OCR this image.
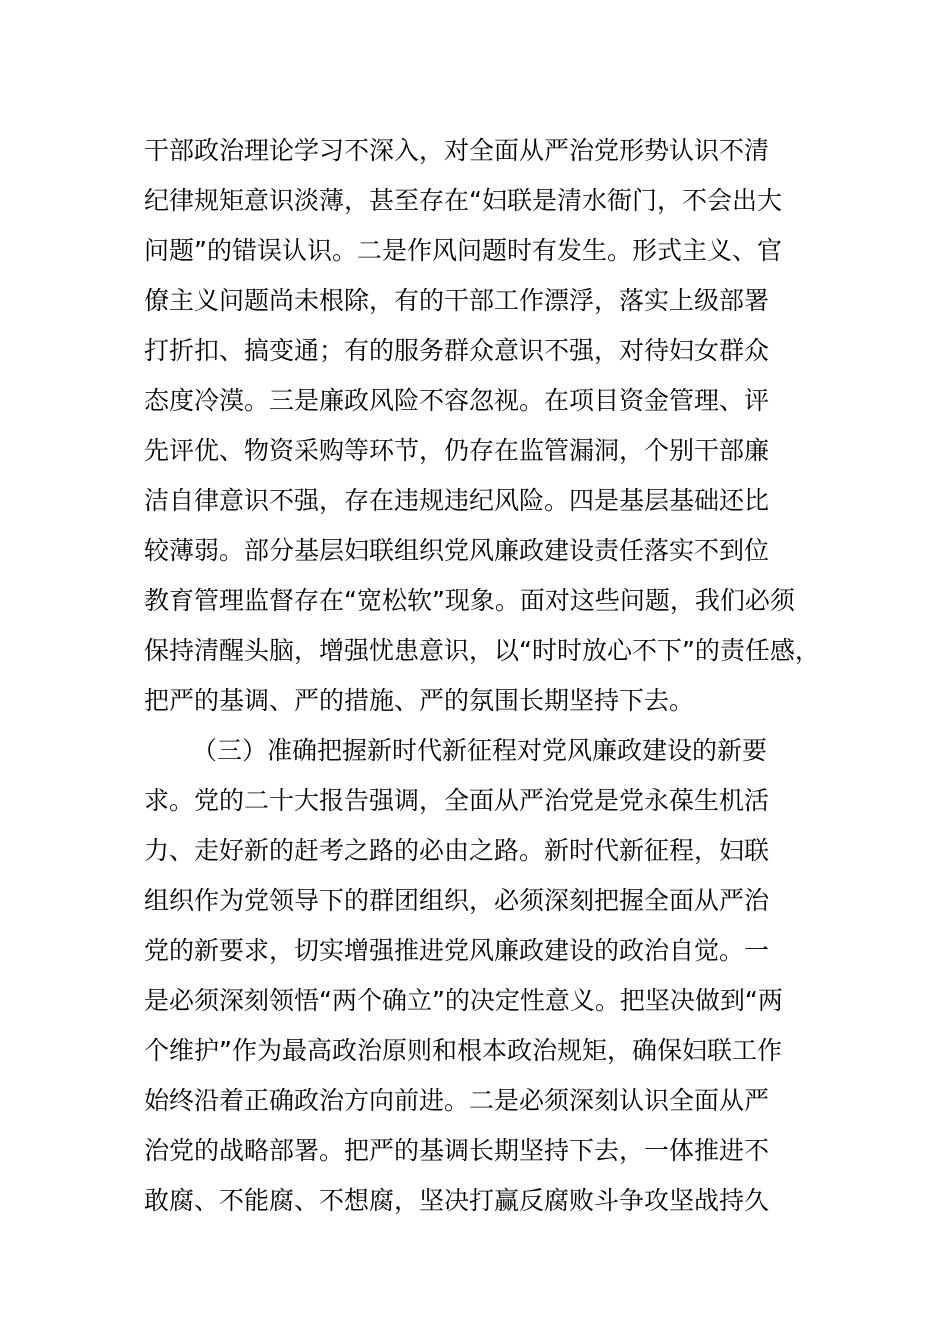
干部政治理论学习不深入，对全面从严治党形势认识不清
纪律规矩意识淡薄，甚至存在“妇联是清水衙门，不会出大
问题”的错误认识。二是作风问题时有发生。形式主义、官
僚主义问题尚未根除，有的干部工作漂浮，落实上级部署
打折扣、搞变通；有的服务群众意识不强，对待妇女群众
态度冷漠。三是廉政风险不容忽视。在项目资金管理、评
先评优、物资采购等环节，仍存在监管漏洞，个别干部廉
洁自律意识不强，存在违规违纪风险。四是基层基础还比
较薄弱。部分基层妇联组织党风廉政建设责任落实不到位
教育管理监督存在“宽松软”现象。面对这些问题，我们必须
保持清醒头脑，增强忧患意识，以“时时放心不下”的责任感，
把严的基调、严的措施、严的氛围长期坚持下去。
（三）准确把握新时代新征程对党风廉政建设的新要
求。党的二十大报告强调，全面从严治党是党永葆生机活
力、走好新的赶考之路的必由之路。新时代新征程，妇联
组织作为党领导下的群团组织，必须深刻把握全面从严治
党的新要求，切实增强推进党风廉政建设的政治自觉。一
是必须深刻领悟“两个确立”的决定性意义。把坚决做到“两
个维护”作为最高政治原则和根本政治规矩，确保妇联工作
始终沿着正确政治方向前进。二是必须深刻认识全面从严
治党的战略部署。把严的基调长期坚持下去，一体推进不
敢腐、不能腐、不想腐，坚决打赢反腐败斗争攻坚战持久
